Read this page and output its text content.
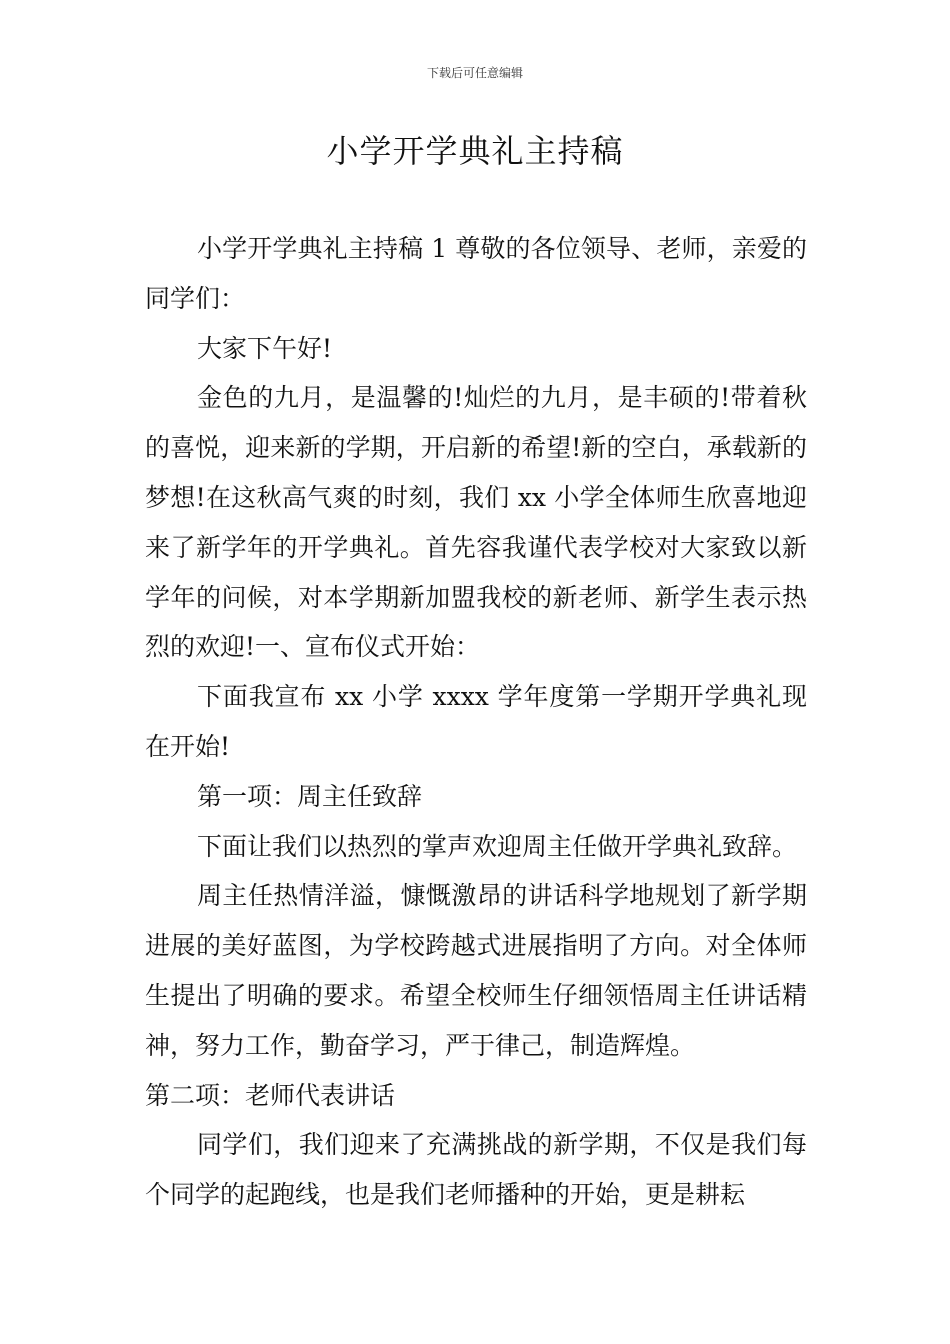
下载后可任意编辑
小学开学典礼主持稿

小学开学典礼主持稿 1 尊敬的各位领导、老师，亲爱的同学们：

大家下午好!

金色的九月，是温馨的!灿烂的九月，是丰硕的!带着秋的喜悦，迎来新的学期，开启新的希望!新的空白，承载新的梦想!在这秋高气爽的时刻，我们 xx 小学全体师生欣喜地迎来了新学年的开学典礼。首先容我谨代表学校对大家致以新学年的问候，对本学期新加盟我校的新老师、新学生表示热烈的欢迎!一、宣布仪式开始：

下面我宣布 xx 小学 xxxx 学年度第一学期开学典礼现在开始!

第一项：周主任致辞

下面让我们以热烈的掌声欢迎周主任做开学典礼致辞。

周主任热情洋溢，慷慨激昂的讲话科学地规划了新学期进展的美好蓝图，为学校跨越式进展指明了方向。对全体师生提出了明确的要求。希望全校师生仔细领悟周主任讲话精神，努力工作，勤奋学习，严于律己，制造辉煌。

第二项：老师代表讲话

同学们，我们迎来了充满挑战的新学期，不仅是我们每个同学的起跑线，也是我们老师播种的开始，更是耕耘
